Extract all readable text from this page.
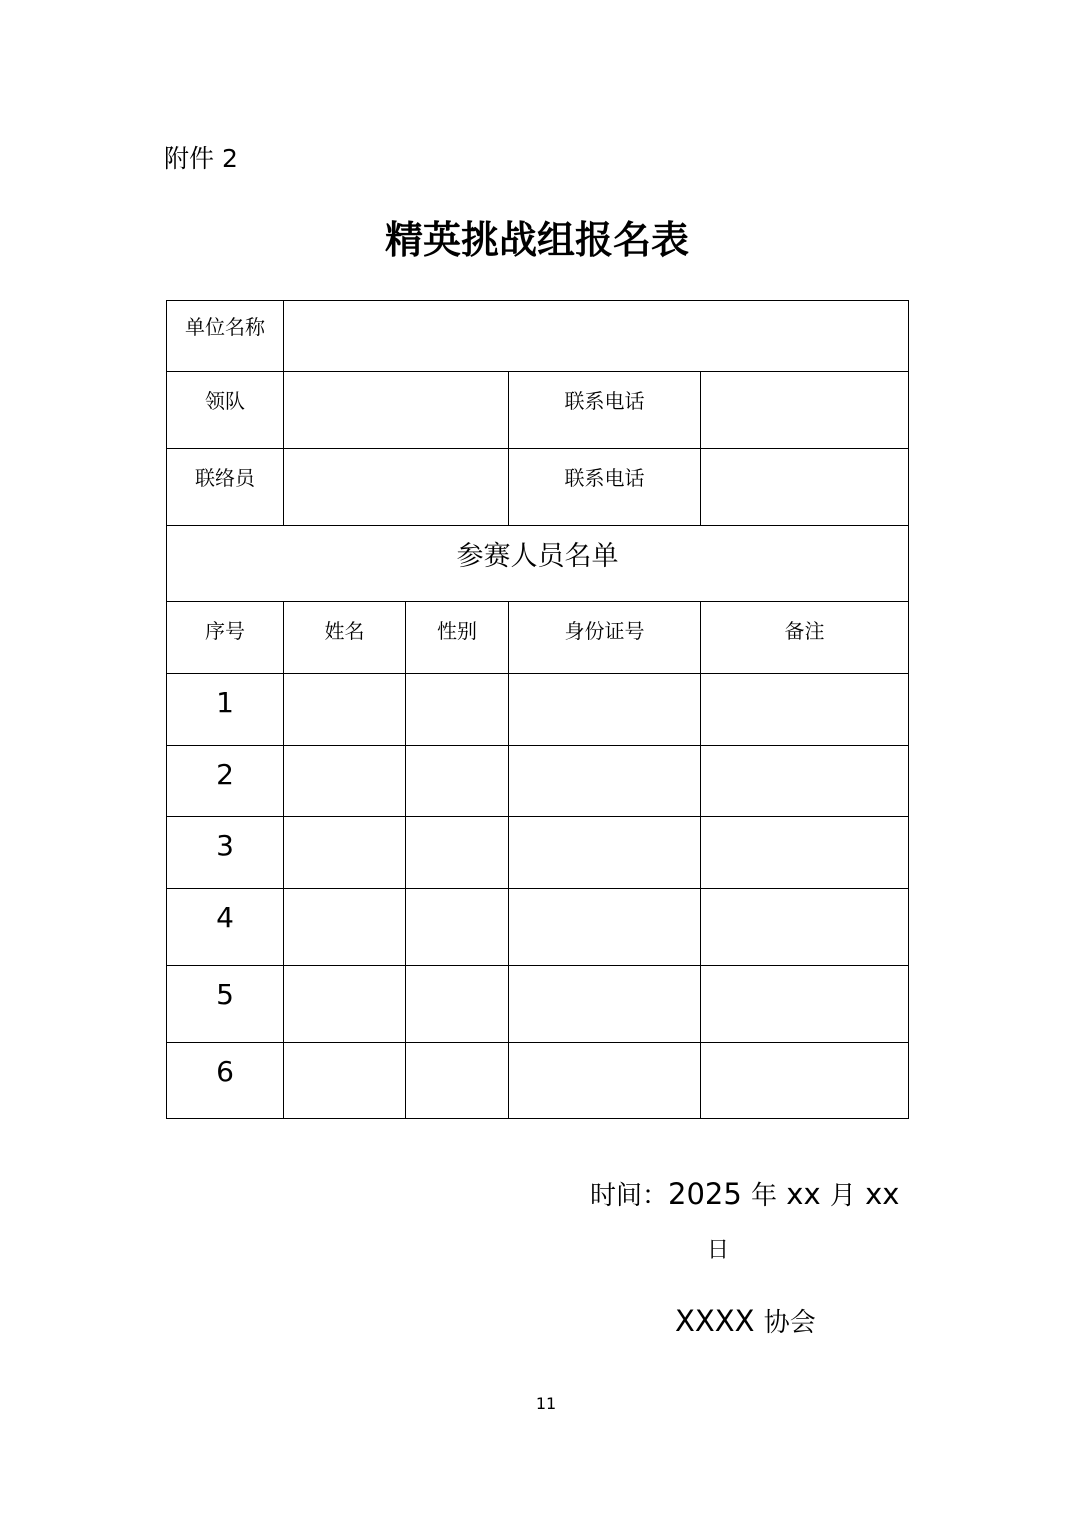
附件 2
精英挑战组报名表
单位名称				

领队			联系电话	

联络员			联系电话	

参赛人员名单				

序号	姓名	性别	身份证号	备注

1				

2				

3				

4				

5				

6				

时间：2025 年 xx 月 xx
日
XXXX 协会
11
